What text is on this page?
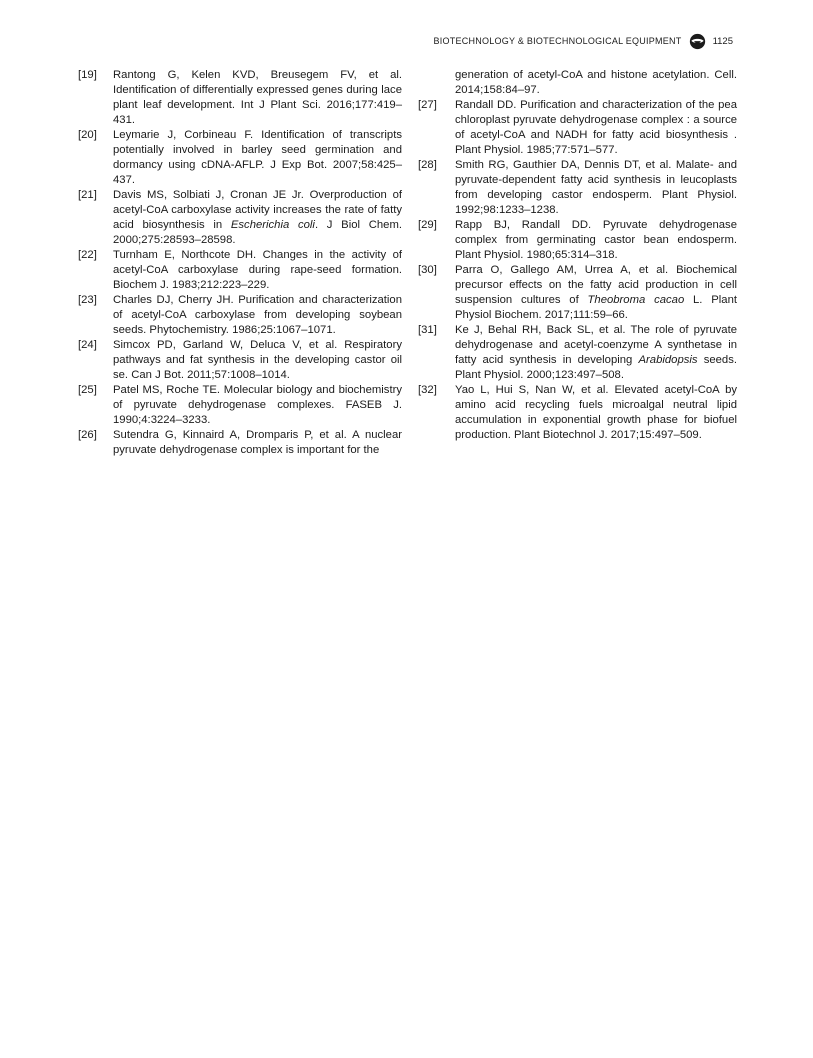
BIOTECHNOLOGY & BIOTECHNOLOGICAL EQUIPMENT	1125
[19] Rantong G, Kelen KVD, Breusegem FV, et al. Identification of differentially expressed genes during lace plant leaf development. Int J Plant Sci. 2016;177:419–431.
[20] Leymarie J, Corbineau F. Identification of transcripts potentially involved in barley seed germination and dormancy using cDNA-AFLP. J Exp Bot. 2007;58:425–437.
[21] Davis MS, Solbiati J, Cronan JE Jr. Overproduction of acetyl-CoA carboxylase activity increases the rate of fatty acid biosynthesis in Escherichia coli. J Biol Chem. 2000;275:28593–28598.
[22] Turnham E, Northcote DH. Changes in the activity of acetyl-CoA carboxylase during rape-seed formation. Biochem J. 1983;212:223–229.
[23] Charles DJ, Cherry JH. Purification and characterization of acetyl-CoA carboxylase from developing soybean seeds. Phytochemistry. 1986;25:1067–1071.
[24] Simcox PD, Garland W, Deluca V, et al. Respiratory pathways and fat synthesis in the developing castor oil se. Can J Bot. 2011;57:1008–1014.
[25] Patel MS, Roche TE. Molecular biology and biochemistry of pyruvate dehydrogenase complexes. FASEB J. 1990;4:3224–3233.
[26] Sutendra G, Kinnaird A, Dromparis P, et al. A nuclear pyruvate dehydrogenase complex is important for the
generation of acetyl-CoA and histone acetylation. Cell. 2014;158:84–97.
[27] Randall DD. Purification and characterization of the pea chloroplast pyruvate dehydrogenase complex : a source of acetyl-CoA and NADH for fatty acid biosynthesis . Plant Physiol. 1985;77:571–577.
[28] Smith RG, Gauthier DA, Dennis DT, et al. Malate- and pyruvate-dependent fatty acid synthesis in leucoplasts from developing castor endosperm. Plant Physiol. 1992;98:1233–1238.
[29] Rapp BJ, Randall DD. Pyruvate dehydrogenase complex from germinating castor bean endosperm. Plant Physiol. 1980;65:314–318.
[30] Parra O, Gallego AM, Urrea A, et al. Biochemical precursor effects on the fatty acid production in cell suspension cultures of Theobroma cacao L. Plant Physiol Biochem. 2017;111:59–66.
[31] Ke J, Behal RH, Back SL, et al. The role of pyruvate dehydrogenase and acetyl-coenzyme A synthetase in fatty acid synthesis in developing Arabidopsis seeds. Plant Physiol. 2000;123:497–508.
[32] Yao L, Hui S, Nan W, et al. Elevated acetyl-CoA by amino acid recycling fuels microalgal neutral lipid accumulation in exponential growth phase for biofuel production. Plant Biotechnol J. 2017;15:497–509.
